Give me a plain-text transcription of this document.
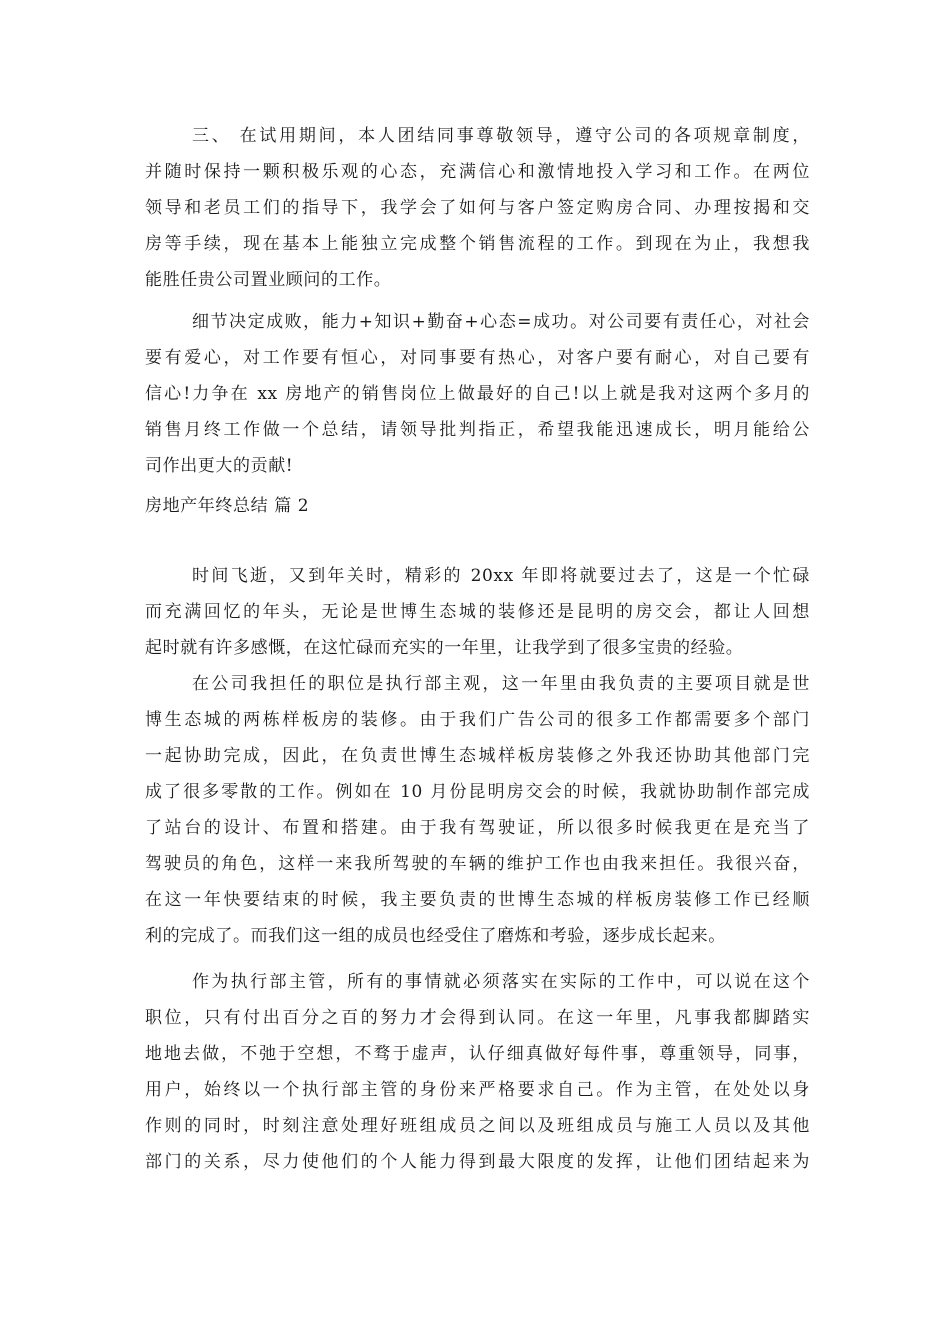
三、 在试用期间，本人团结同事尊敬领导，遵守公司的各项规章制度，
并随时保持一颗积极乐观的心态，充满信心和激情地投入学习和工作。在两位
领导和老员工们的指导下，我学会了如何与客户签定购房合同、办理按揭和交
房等手续，现在基本上能独立完成整个销售流程的工作。到现在为止，我想我
能胜任贵公司置业顾问的工作。
细节决定成败，能力+知识+勤奋+心态=成功。对公司要有责任心，对社会
要有爱心，对工作要有恒心，对同事要有热心，对客户要有耐心，对自己要有
信心!力争在 xx 房地产的销售岗位上做最好的自己!以上就是我对这两个多月的
销售月终工作做一个总结，请领导批判指正，希望我能迅速成长，明月能给公
司作出更大的贡献!
房地产年终总结 篇 2
时间飞逝，又到年关时，精彩的 20xx 年即将就要过去了，这是一个忙碌
而充满回忆的年头，无论是世博生态城的装修还是昆明的房交会，都让人回想
起时就有许多感慨，在这忙碌而充实的一年里，让我学到了很多宝贵的经验。
在公司我担任的职位是执行部主观，这一年里由我负责的主要项目就是世
博生态城的两栋样板房的装修。由于我们广告公司的很多工作都需要多个部门
一起协助完成，因此，在负责世博生态城样板房装修之外我还协助其他部门完
成了很多零散的工作。例如在 10 月份昆明房交会的时候，我就协助制作部完成
了站台的设计、布置和搭建。由于我有驾驶证，所以很多时候我更在是充当了
驾驶员的角色，这样一来我所驾驶的车辆的维护工作也由我来担任。我很兴奋，
在这一年快要结束的时候，我主要负责的世博生态城的样板房装修工作已经顺
利的完成了。而我们这一组的成员也经受住了磨炼和考验，逐步成长起来。
作为执行部主管，所有的事情就必须落实在实际的工作中，可以说在这个
职位，只有付出百分之百的努力才会得到认同。在这一年里，凡事我都脚踏实
地地去做，不弛于空想，不骛于虚声，认仔细真做好每件事，尊重领导，同事，
用户，始终以一个执行部主管的身份来严格要求自己。作为主管，在处处以身
作则的同时，时刻注意处理好班组成员之间以及班组成员与施工人员以及其他
部门的关系，尽力使他们的个人能力得到最大限度的发挥，让他们团结起来为
